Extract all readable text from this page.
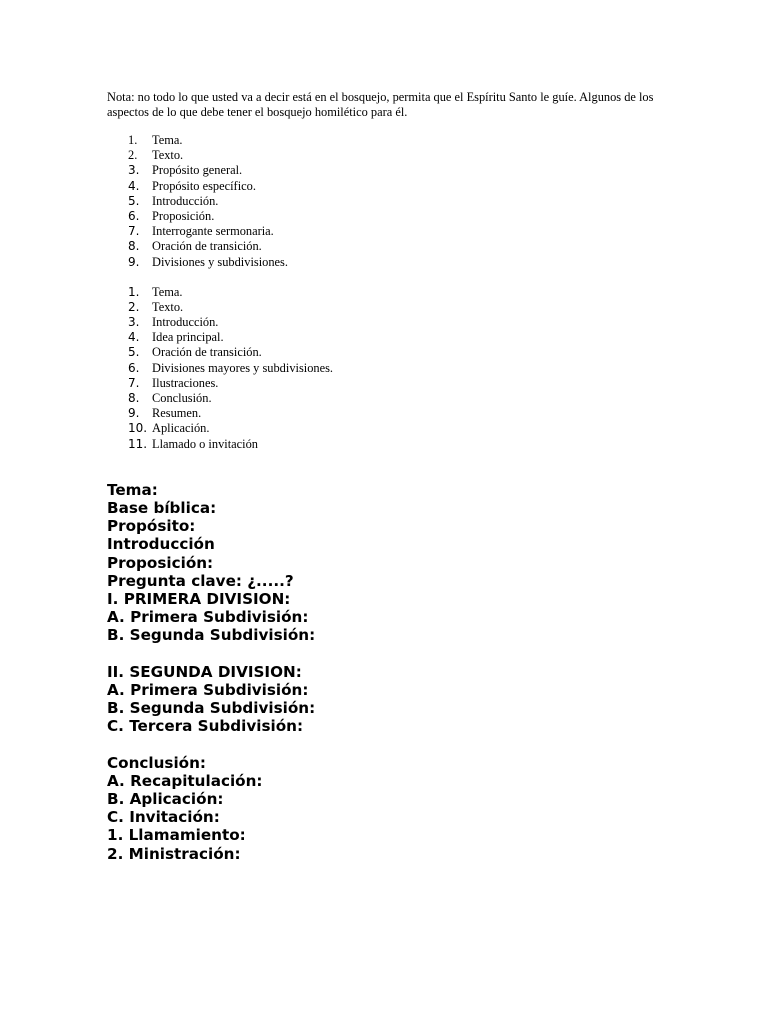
Nota: no todo lo que usted va a decir está en el bosquejo, permita que el Espíritu Santo le guíe. Algunos de los aspectos de lo que debe tener el bosquejo homilético para él.

1.	Tema.
2.	Texto.
3.	Propósito general.
4.	Propósito específico.
5.	Introducción.
6.	Proposición.
7.	Interrogante sermonaria.
8.	Oración de transición.
9.	Divisiones y subdivisiones.
1.	Tema.
2.	Texto.
3.	Introducción.
4.	Idea principal.
5.	Oración de transición.
6.	Divisiones mayores y subdivisiones.
7.	Ilustraciones.
8.	Conclusión.
9.	Resumen.
10. Aplicación.
11. Llamado o invitación
Tema:
Base bíblica:
Propósito:
Introducción
Proposición:
Pregunta clave: ¿.....?
I. PRIMERA DIVISION:
A. Primera Subdivisión:
B. Segunda Subdivisión:
II. SEGUNDA DIVISION:
A. Primera Subdivisión:
B. Segunda Subdivisión:
C. Tercera Subdivisión:
Conclusión:
A. Recapitulación:
B. Aplicación:
C. Invitación:
1. Llamamiento:
2. Ministración:
